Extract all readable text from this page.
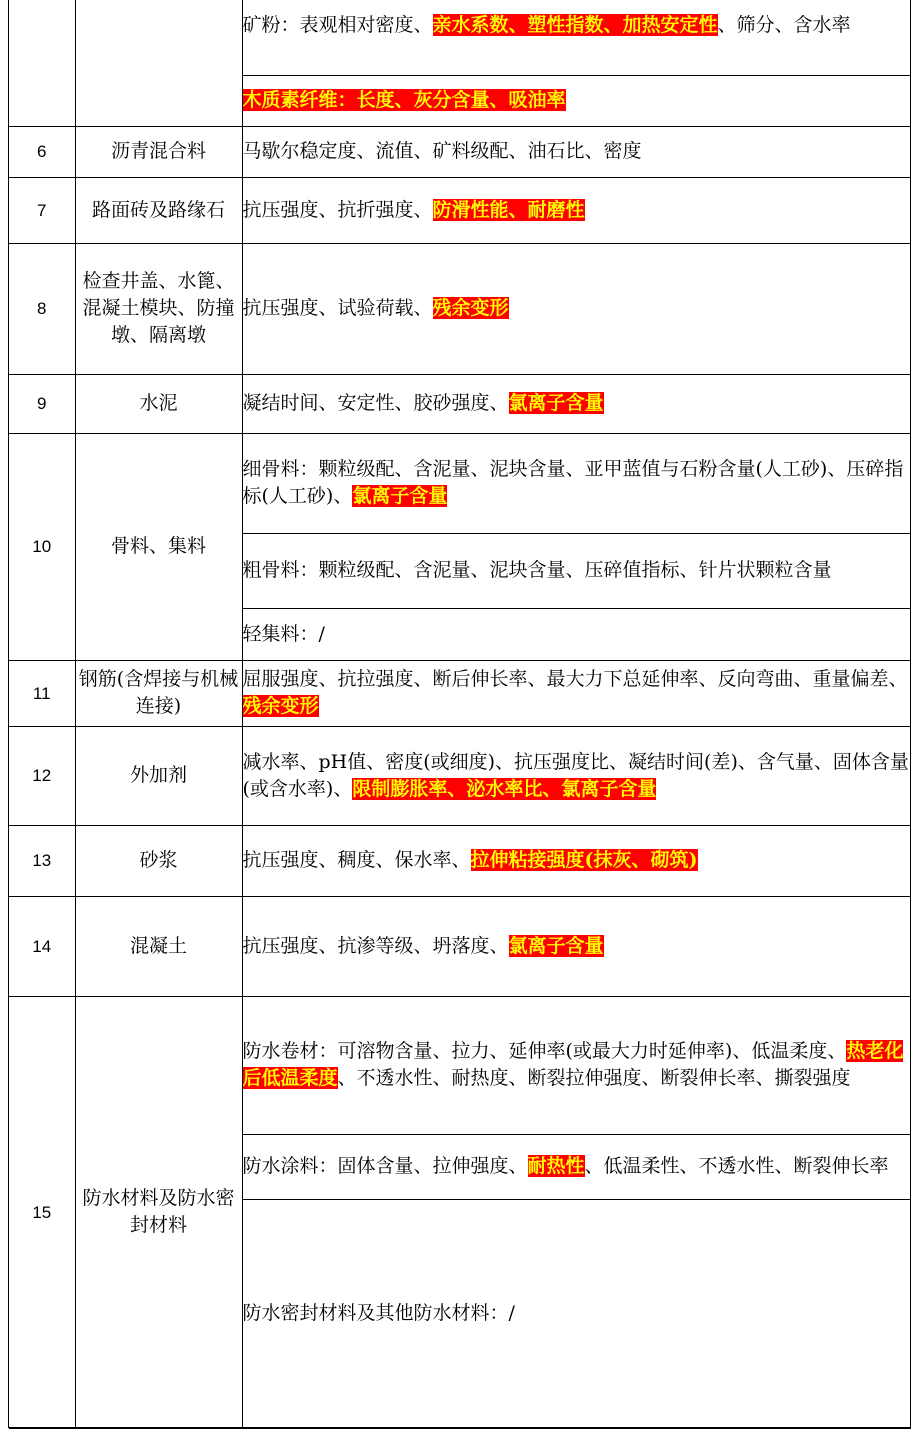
		矿粉：表观相对密度、亲水系数、塑性指数、加热安定性、筛分、含水率
		木质素纤维：长度、灰分含量、吸油率
6	沥青混合料	马歇尔稳定度、流值、矿料级配、油石比、密度
7	路面砖及路缘石	抗压强度、抗折强度、防滑性能、耐磨性
8	检查井盖、水篦、混凝土模块、防撞墩、隔离墩	抗压强度、试验荷载、残余变形
9	水泥	凝结时间、安定性、胶砂强度、氯离子含量
10	骨料、集料	细骨料：颗粒级配、含泥量、泥块含量、亚甲蓝值与石粉含量(人工砂)、压碎指标(人工砂)、氯离子含量
		粗骨料：颗粒级配、含泥量、泥块含量、压碎值指标、针片状颗粒含量
		轻集料：/
11	钢筋(含焊接与机械连接)	屈服强度、抗拉强度、断后伸长率、最大力下总延伸率、反向弯曲、重量偏差、残余变形
12	外加剂	减水率、pH值、密度(或细度)、抗压强度比、凝结时间(差)、含气量、固体含量(或含水率)、限制膨胀率、泌水率比、氯离子含量
13	砂浆	抗压强度、稠度、保水率、拉伸粘接强度(抹灰、砌筑)
14	混凝土	抗压强度、抗渗等级、坍落度、氯离子含量
15	防水材料及防水密封材料	防水卷材：可溶物含量、拉力、延伸率(或最大力时延伸率)、低温柔度、热老化后低温柔度、不透水性、耐热度、断裂拉伸强度、断裂伸长率、撕裂强度
		防水涂料：固体含量、拉伸强度、耐热性、低温柔性、不透水性、断裂伸长率
		防水密封材料及其他防水材料：/
